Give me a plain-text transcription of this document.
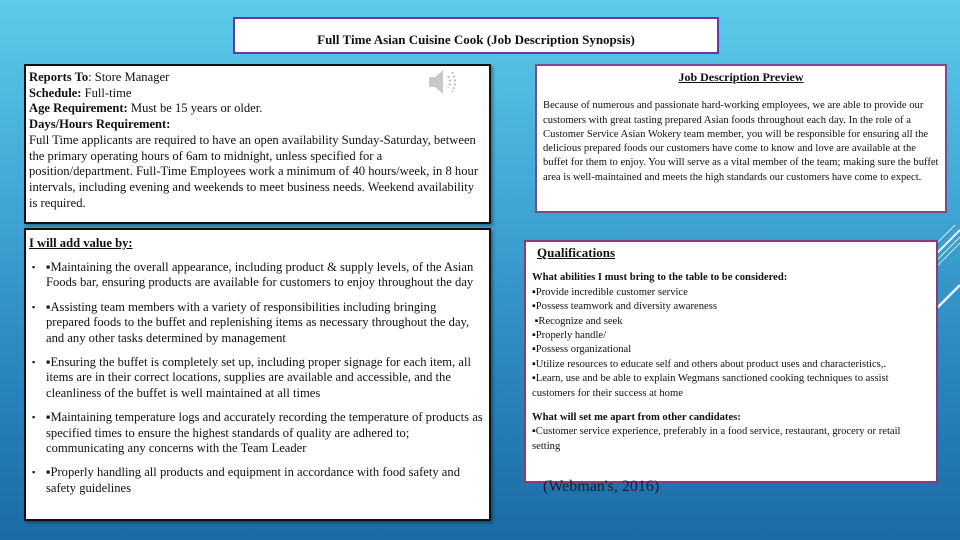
Full Time Asian Cuisine Cook (Job Description Synopsis)
Reports To: Store Manager
Schedule: Full-time
Age Requirement: Must be 15 years or older.
Days/Hours Requirement:
Full Time applicants are required to have an open availability Sunday-Saturday, between the primary operating hours of 6am to midnight, unless specified for a position/department. Full-Time Employees work a minimum of 40 hours/week, in 8 hour intervals, including evening and weekends to meet business needs. Weekend availability is required.
I will add value by:
▪ ▪Maintaining the overall appearance, including product & supply levels, of the Asian Foods bar, ensuring products are available for customers to enjoy throughout the day
▪ ▪Assisting team members with a variety of responsibilities including bringing prepared foods to the buffet and replenishing items as necessary throughout the day, and any other tasks determined by management
▪ ▪Ensuring the buffet is completely set up, including proper signage for each item, all items are in their correct locations, supplies are available and accessible, and the cleanliness of the buffet is well maintained at all times
▪ ▪Maintaining temperature logs and accurately recording the temperature of products as specified times to ensure the highest standards of quality are adhered to; communicating any concerns with the Team Leader
▪ ▪Properly handling all products and equipment in accordance with food safety and safety guidelines
Job Description Preview
Because of numerous and passionate hard-working employees, we are able to provide our customers with great tasting prepared Asian foods throughout each day. In the role of a Customer Service Asian Wokery team member, you will be responsible for ensuring all the delicious prepared foods our customers have come to know and love are available at the buffet for them to enjoy. You will serve as a vital member of the team; making sure the buffet area is well-maintained and meets the high standards our customers have come to expect.
Qualifications
What abilities I must bring to the table to be considered:
▪Provide incredible customer service
▪Possess teamwork and diversity awareness
▪Recognize and seek
▪Properly handle/
▪Possess organizational
▪Utilize resources to educate self and others about product uses and characteristics,.
▪Learn, use and be able to explain Wegmans sanctioned cooking techniques to assist customers for their success at home
What will set me apart from other candidates:
▪Customer service experience, preferably in a food service, restaurant, grocery or retail setting
(Webman's, 2016)
